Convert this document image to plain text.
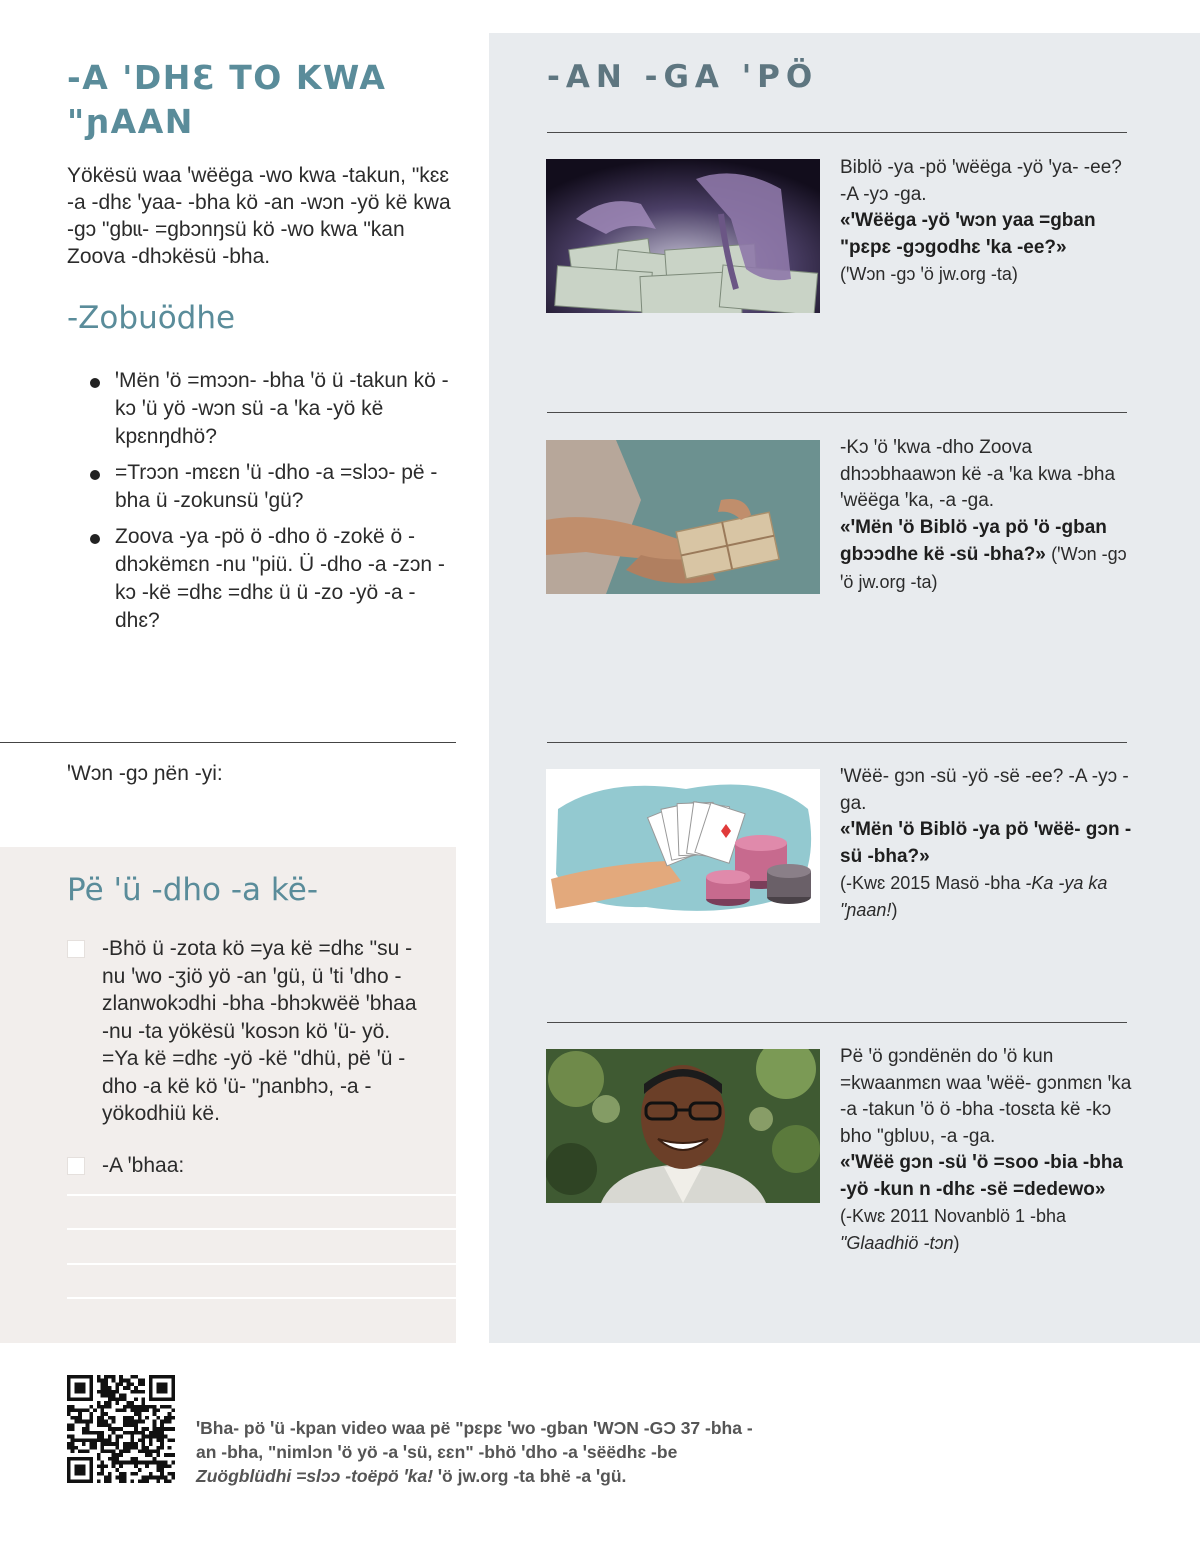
-A ꞌDHƐ TO KWA "ɲAAN

Yökësü waa ꞌwëëga -wo kwa -takun, "kɛɛ -a -dhɛ ꞌyaa- -bha kö -an -wɔn -yö kë kwa -gɔ "gbɩɩ- =gbɔnŋsü kö -wo kwa "kan Zoova -dhɔkësü -bha.

-Zobuödhe
ꞌMën ꞌö =mɔɔn- -bha ꞌö ü -takun kö -kɔ ꞌü yö -wɔn sü -a ꞌka -yö kë kpɛnŋdhö?
=Trɔɔn -mɛɛn ꞌü -dho -a =slɔɔ- pë -bha ü -zokunsü ꞌgü?
Zoova -ya -pö ö -dho ö -zokë ö -dhɔkëmɛn -nu "piü. Ü -dho -a -zɔn -kɔ -kë =dhɛ =dhɛ ü ü -zo -yö -a -dhɛ?

ꞌWɔn -gɔ ɲën -yi:

Pë ꞌü -dho -a kë-
-Bhö ü -zota kö =ya kë =dhɛ "su -nu ꞌwo -ʒiö yö -an ꞌgü, ü ꞌti ꞌdho -zlanwokɔdhi -bha -bhɔkwëë ꞌbhaa -nu -ta yökësü ꞌkosɔn kö ꞌü- yö. =Ya kë =dhɛ -yö -kë "dhü, pë ꞌü -dho -a kë kö ꞌü- "ɲanbhɔ, -a -yökodhiü kë.
-A ꞌbhaa:
-AN -GA ꞌPÖ
Biblö -ya -pö ꞌwëëga -yö ꞌya- -ee? -A -yɔ -ga.
«ꞌWëëga -yö ꞌwɔn yaa =gban "pɛpɛ -gɔgodhɛ ꞌka -ee?»
(ꞌWɔn -gɔ ꞌö jw.org -ta)
-Kɔ ꞌö ꞌkwa -dho Zoova dhɔɔbhaawɔn kë -a ꞌka kwa -bha ꞌwëëga ꞌka, -a -ga.
«ꞌMën ꞌö Biblö -ya pö ꞌö -gban gbɔɔdhe kë -sü -bha?» (ꞌWɔn -gɔ ꞌö jw.org -ta)
ꞌWëë- gɔn -sü -yö -së -ee? -A -yɔ -ga.
«ꞌMën ꞌö Biblö -ya pö ꞌwëë- gɔn -sü -bha?»
(-Kwɛ 2015 Masö -bha -Ka -ya ka "ɲaan!)
Pë ꞌö gɔndënën do ꞌö kun =kwaanmɛn waa ꞌwëë- gɔnmɛn ꞌka -a -takun ꞌö ö -bha -tosɛta kë -kɔ bho "gblʋʋ, -a -ga.
«ꞌWëë gɔn -sü ꞌö =soo -bia -bha -yö -kun n -dhɛ -së =dedewo»
(-Kwɛ 2011 Novanblö 1 -bha "Glaadhiö -tɔn)

ꞌBha- pö ꞌü -kpan video waa pë "pɛpɛ ꞌwo -gban ꞌWƆN -GƆ 37 -bha -an -bha, "nimlɔn ꞌö yö -a ꞌsü, ɛɛn" -bhö ꞌdho -a ꞌsëëdhɛ -be Zuögblüdhi =slɔɔ -toëpö ꞌka! ꞌö jw.org -ta bhë -a ꞌgü.
